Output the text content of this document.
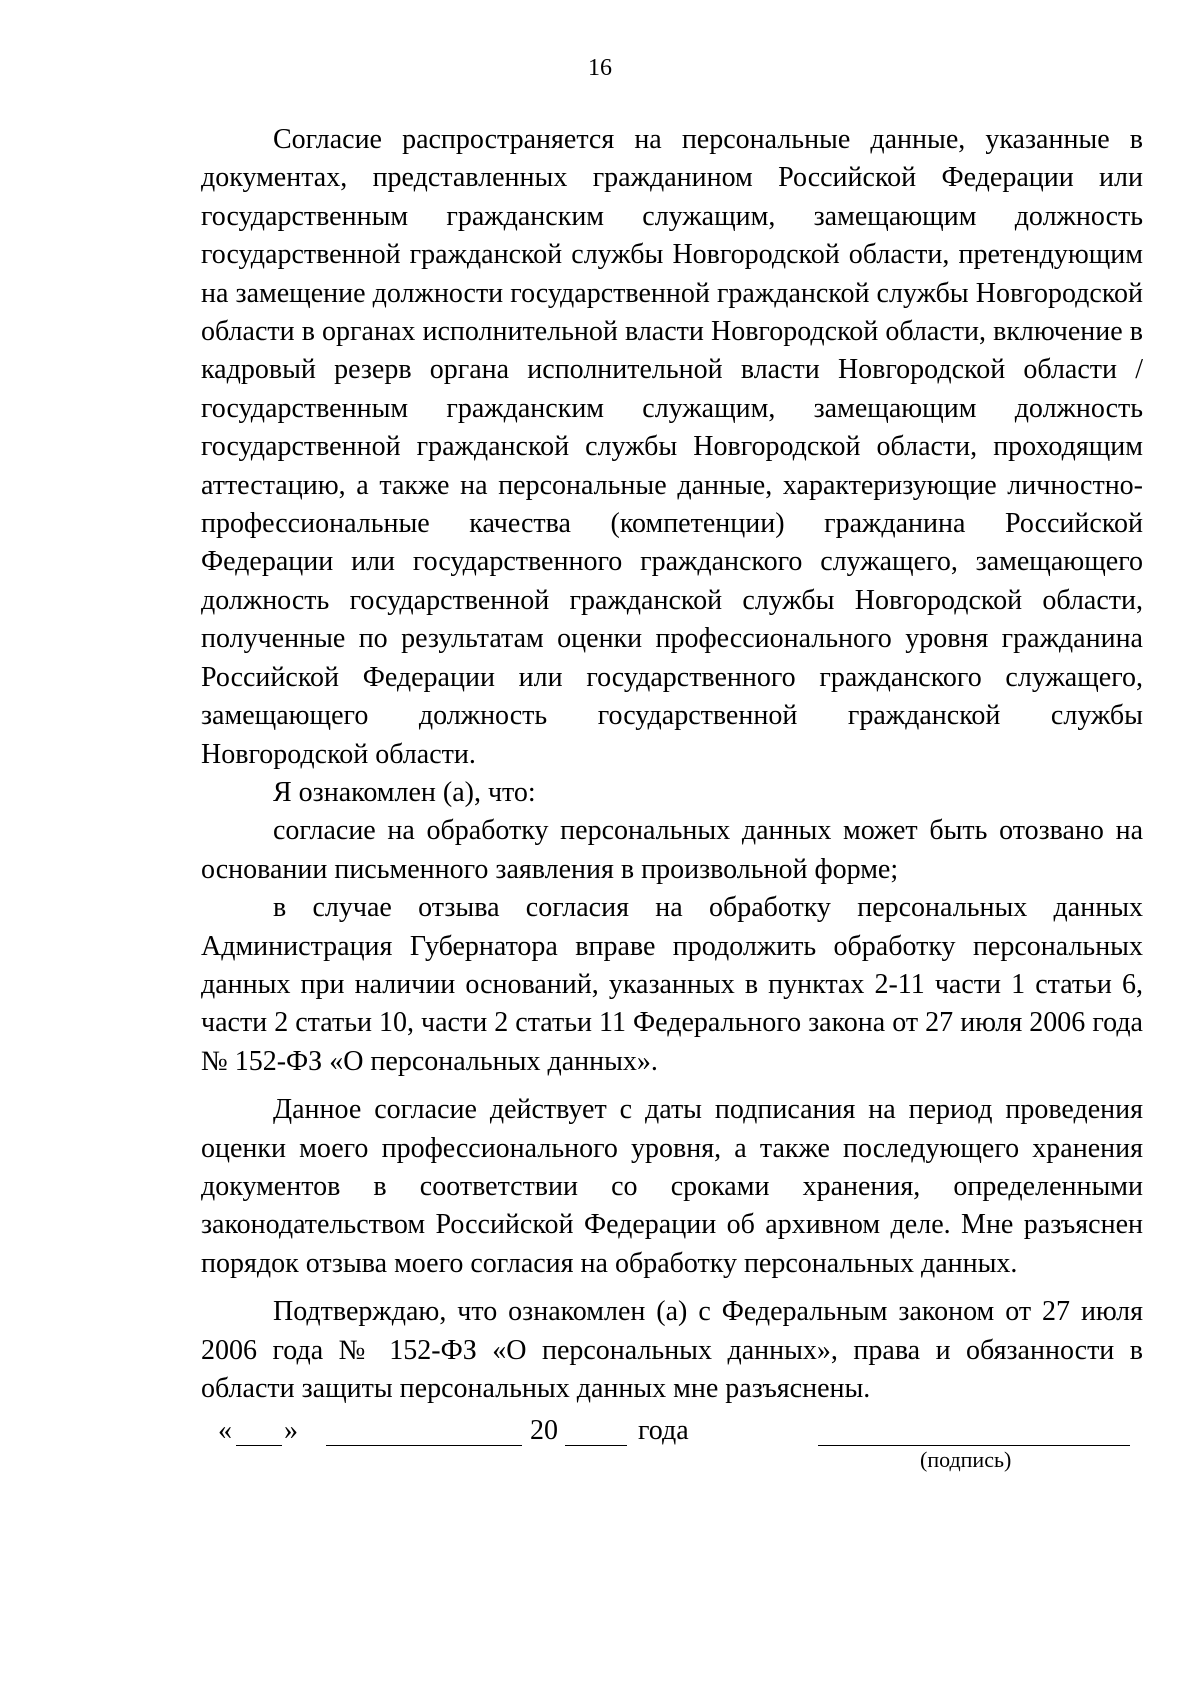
16

Согласие распространяется на персональные данные, указанные в документах, представленных гражданином Российской Федерации или государственным гражданским служащим, замещающим должность государственной гражданской службы Новгородской области, претендующим на замещение должности государственной гражданской службы Новгородской области в органах исполнительной власти Новгородской области, включение в кадровый резерв органа исполнительной власти Новгородской области / государственным гражданским служащим, замещающим должность государственной гражданской службы Новгородской области, проходящим аттестацию, а также на персональные данные, характеризующие личностно-профессиональные качества (компетенции) гражданина Российской Федерации или государственного гражданского служащего, замещающего должность государственной гражданской службы Новгородской области, полученные по результатам оценки профессионального уровня гражданина Российской Федерации или государственного гражданского служащего, замещающего должность государственной гражданской службы Новгородской области.

Я ознакомлен (а), что:

согласие на обработку персональных данных может быть отозвано на основании письменного заявления в произвольной форме;

в случае отзыва согласия на обработку персональных данных Администрация Губернатора вправе продолжить обработку персональных данных при наличии оснований, указанных в пунктах 2-11 части 1 статьи 6, части 2 статьи 10, части 2 статьи 11 Федерального закона от 27 июля 2006 года № 152-ФЗ «О персональных данных».

Данное согласие действует с даты подписания на период проведения оценки моего профессионального уровня, а также последующего хранения документов в соответствии со сроками хранения, определенными законодательством Российской Федерации об архивном деле. Мне разъяснен порядок отзыва моего согласия на обработку персональных данных.

Подтверждаю, что ознакомлен (а) с Федеральным законом от 27 июля 2006 года № 152-ФЗ «О персональных данных», права и обязанности в области защиты персональных данных мне разъяснены.

« »	20	года
(подпись)
